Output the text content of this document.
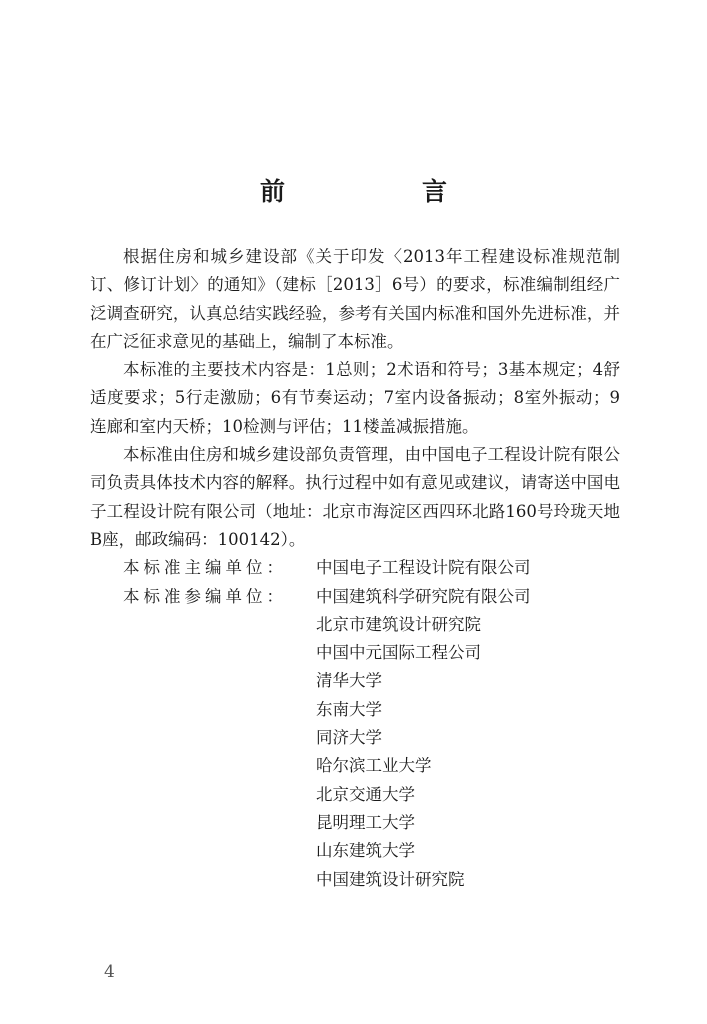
前　言

根据住房和城乡建设部《关于印发〈2013年工程建设标准规范制订、修订计划〉的通知》（建标［2013］6号）的要求，标准编制组经广泛调查研究，认真总结实践经验，参考有关国内标准和国外先进标准，并在广泛征求意见的基础上，编制了本标准。

本标准的主要技术内容是：1总则；2术语和符号；3基本规定；4舒适度要求；5行走激励；6有节奏运动；7室内设备振动；8室外振动；9连廊和室内天桥；10检测与评估；11楼盖减振措施。

本标准由住房和城乡建设部负责管理，由中国电子工程设计院有限公司负责具体技术内容的解释。执行过程中如有意见或建议，请寄送中国电子工程设计院有限公司（地址：北京市海淀区西四环北路160号玲珑天地B座，邮政编码：100142）。

本标准主编单位：	中国电子工程设计院有限公司
本标准参编单位：	中国建筑科学研究院有限公司
北京市建筑设计研究院
中国中元国际工程公司
清华大学
东南大学
同济大学
哈尔滨工业大学
北京交通大学
昆明理工大学
山东建筑大学
中国建筑设计研究院
4
